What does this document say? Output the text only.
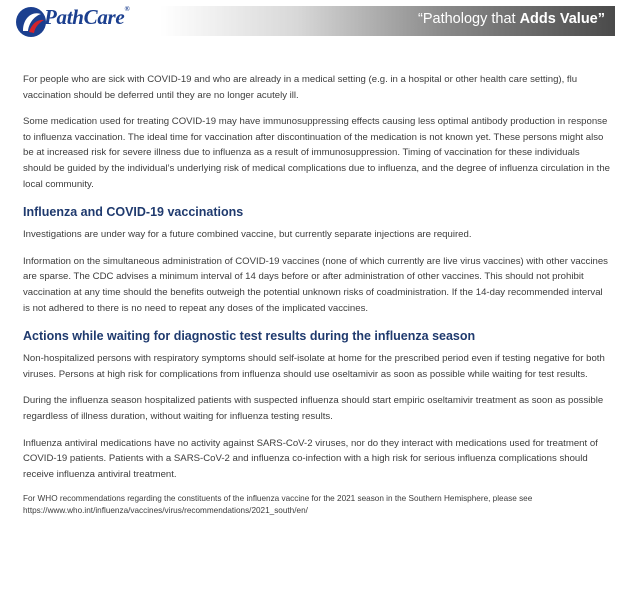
PathCare®
“Pathology that Adds Value”

For people who are sick with COVID-19 and who are already in a medical setting (e.g. in a hospital or other health care setting), flu vaccination should be deferred until they are no longer acutely ill.

Some medication used for treating COVID-19 may have immunosuppressing effects causing less optimal antibody production in response to influenza vaccination. The ideal time for vaccination after discontinuation of the medication is not known yet. These persons might also be at increased risk for severe illness due to influenza as a result of immunosuppression. Timing of vaccination for these individuals should be guided by the individual’s underlying risk of medical complications due to influenza, and the degree of influenza circulation in the local community.

Influenza and COVID-19 vaccinations

Investigations are under way for a future combined vaccine, but currently separate injections are required.

Information on the simultaneous administration of COVID-19 vaccines (none of which currently are live virus vaccines) with other vaccines are sparse. The CDC advises a minimum interval of 14 days before or after administration of other vaccines. This should not prohibit vaccination at any time should the benefits outweigh the potential unknown risks of coadministration. If the 14-day recommended interval is not adhered to there is no need to repeat any doses of the implicated vaccines.

Actions while waiting for diagnostic test results during the influenza season

Non-hospitalized persons with respiratory symptoms should self-isolate at home for the prescribed period even if testing negative for both viruses. Persons at high risk for complications from influenza should use oseltamivir as soon as possible while waiting for test results.

During the influenza season hospitalized patients with suspected influenza should start empiric oseltamivir treatment as soon as possible regardless of illness duration, without waiting for influenza testing results.

Influenza antiviral medications have no activity against SARS-CoV-2 viruses, nor do they interact with medications used for treatment of COVID-19 patients. Patients with a SARS-CoV-2 and influenza co-infection with a high risk for serious influenza complications should receive influenza antiviral treatment.

For WHO recommendations regarding the constituents of the influenza vaccine for the 2021 season in the Southern Hemisphere, please see https://www.who.int/influenza/vaccines/virus/recommendations/2021_south/en/
